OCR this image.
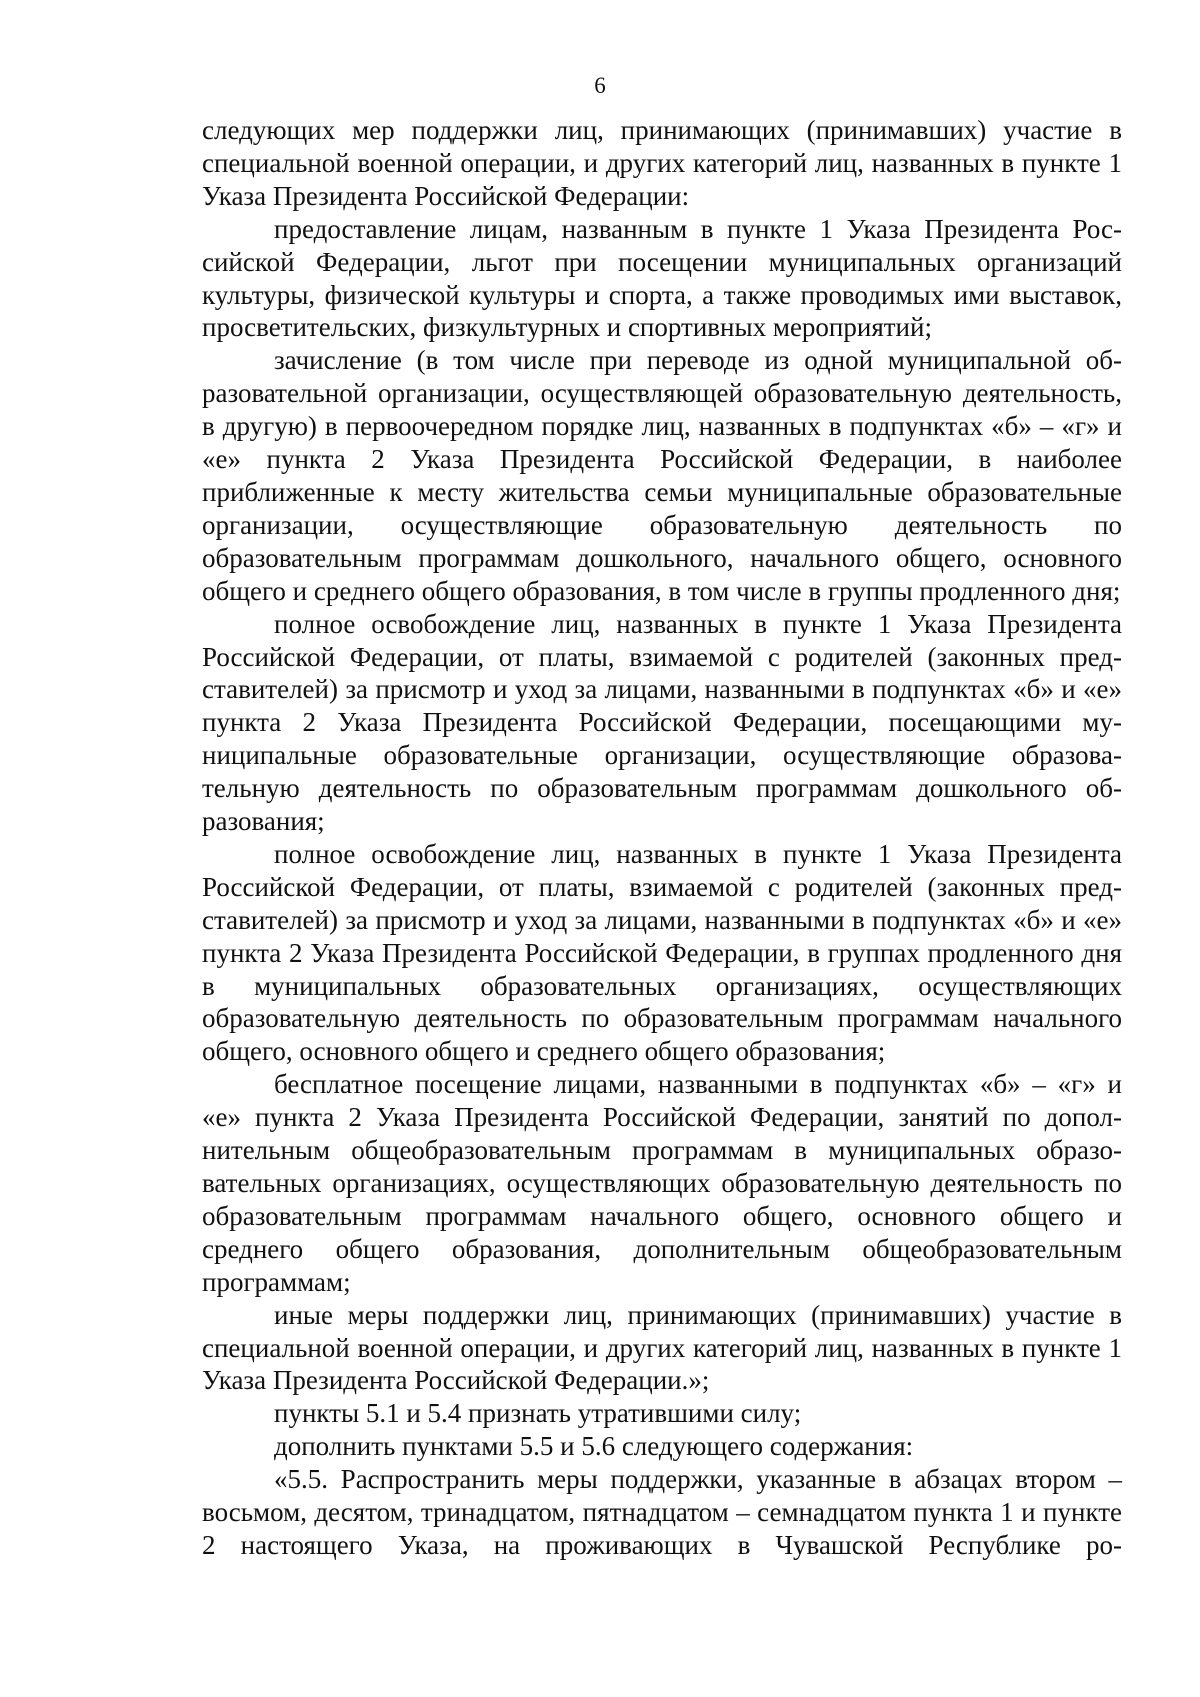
6

следующих мер поддержки лиц, принимающих (принимавших) участие в специальной военной операции, и других категорий лиц, названных в пункте 1 Указа Президента Российской Федерации:

предоставление лицам, названным в пункте 1 Указа Президента Российской Федерации, льгот при посещении муниципальных организаций культуры, физической культуры и спорта, а также проводимых ими выставок, просветительских, физкультурных и спортивных мероприятий;

зачисление (в том числе при переводе из одной муниципальной образовательной организации, осуществляющей образовательную деятельность, в другую) в первоочередном порядке лиц, названных в подпунктах «б» – «г» и «е» пункта 2 Указа Президента Российской Федерации, в наиболее приближенные к месту жительства семьи муниципальные образовательные организации, осуществляющие образовательную деятельность по образовательным программам дошкольного, начального общего, основного общего и среднего общего образования, в том числе в группы продленного дня;

полное освобождение лиц, названных в пункте 1 Указа Президента Российской Федерации, от платы, взимаемой с родителей (законных представителей) за присмотр и уход за лицами, названными в подпунктах «б» и «е» пункта 2 Указа Президента Российской Федерации, посещающими муниципальные образовательные организации, осуществляющие образовательную деятельность по образовательным программам дошкольного образования;

полное освобождение лиц, названных в пункте 1 Указа Президента Российской Федерации, от платы, взимаемой с родителей (законных представителей) за присмотр и уход за лицами, названными в подпунктах «б» и «е» пункта 2 Указа Президента Российской Федерации, в группах продленного дня в муниципальных образовательных организациях, осуществляющих образовательную деятельность по образовательным программам начального общего, основного общего и среднего общего образования;

бесплатное посещение лицами, названными в подпунктах «б» – «г» и «е» пункта 2 Указа Президента Российской Федерации, занятий по дополнительным общеобразовательным программам в муниципальных образовательных организациях, осуществляющих образовательную деятельность по образовательным программам начального общего, основного общего и среднего общего образования, дополнительным общеобразовательным программам;

иные меры поддержки лиц, принимающих (принимавших) участие в специальной военной операции, и других категорий лиц, названных в пункте 1 Указа Президента Российской Федерации.»;

пункты 5.1 и 5.4 признать утратившими силу;

дополнить пунктами 5.5 и 5.6 следующего содержания:

«5.5. Распространить меры поддержки, указанные в абзацах втором – восьмом, десятом, тринадцатом, пятнадцатом – семнадцатом пункта 1 и пункте 2 настоящего Указа, на проживающих в Чувашской Республике ро-
